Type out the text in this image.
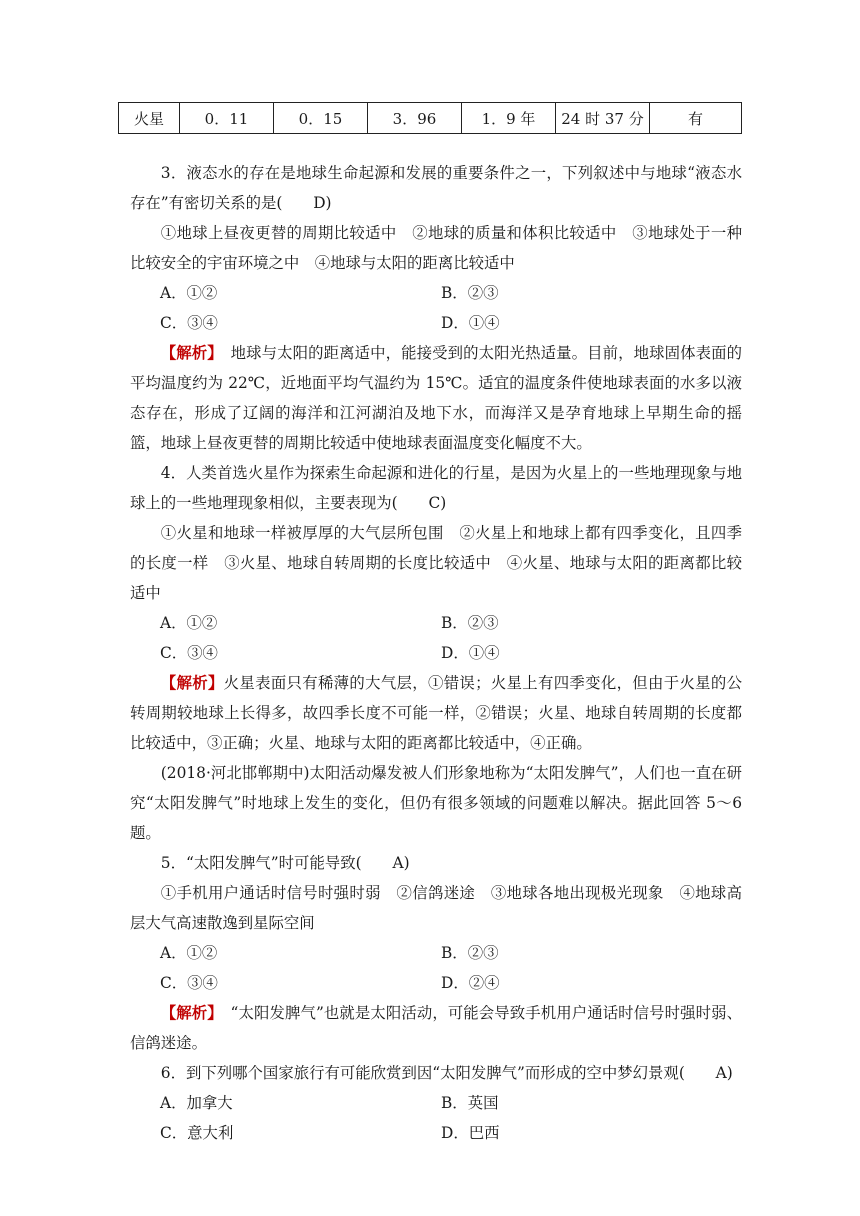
火星	0．11	0．15	3．96	1．9 年	24 时 37 分	有

3．液态水的存在是地球生命起源和发展的重要条件之一，下列叙述中与地球“液态水存在”有密切关系的是( D)

①地球上昼夜更替的周期比较适中　②地球的质量和体积比较适中　③地球处于一种比较安全的宇宙环境之中　④地球与太阳的距离比较适中

A．①②	B．②③
C．③④	D．①④

【解析】　地球与太阳的距离适中，能接受到的太阳光热适量。目前，地球固体表面的平均温度约为 22℃，近地面平均气温约为 15℃。适宜的温度条件使地球表面的水多以液态存在，形成了辽阔的海洋和江河湖泊及地下水，而海洋又是孕育地球上早期生命的摇篮，地球上昼夜更替的周期比较适中使地球表面温度变化幅度不大。

4．人类首选火星作为探索生命起源和进化的行星，是因为火星上的一些地理现象与地球上的一些地理现象相似，主要表现为( C)

①火星和地球一样被厚厚的大气层所包围　②火星上和地球上都有四季变化，且四季的长度一样　③火星、地球自转周期的长度比较适中　④火星、地球与太阳的距离都比较适中

A．①②	B．②③
C．③④	D．①④

【解析】火星表面只有稀薄的大气层，①错误；火星上有四季变化，但由于火星的公转周期较地球上长得多，故四季长度不可能一样，②错误；火星、地球自转周期的长度都比较适中，③正确；火星、地球与太阳的距离都比较适中，④正确。

(2018·河北邯郸期中)太阳活动爆发被人们形象地称为“太阳发脾气”，人们也一直在研究“太阳发脾气”时地球上发生的变化，但仍有很多领域的问题难以解决。据此回答 5～6 题。

5．“太阳发脾气”时可能导致( A)

①手机用户通话时信号时强时弱　②信鸽迷途　③地球各地出现极光现象　④地球高层大气高速散逸到星际空间

A．①②	B．②③
C．③④	D．②④

【解析】　“太阳发脾气”也就是太阳活动，可能会导致手机用户通话时信号时强时弱、信鸽迷途。

6．到下列哪个国家旅行有可能欣赏到因“太阳发脾气”而形成的空中梦幻景观( A)

A．加拿大	B．英国
C．意大利	D．巴西
